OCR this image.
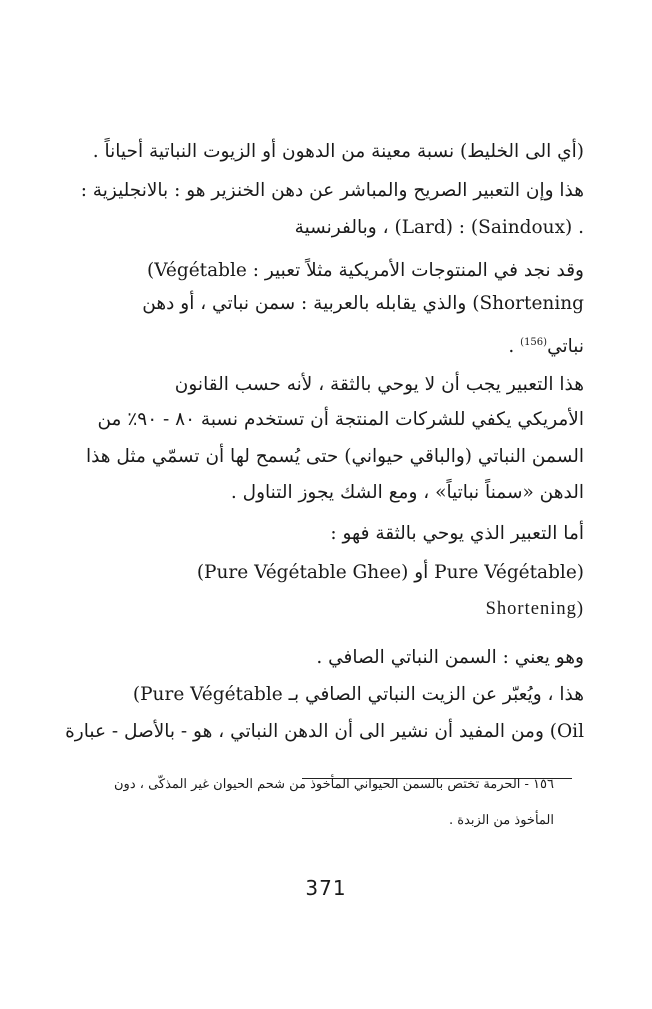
(أي الى الخليط) نسبة معينة من الدهون أو الزيوت النباتية أحياناً .
هذا وإن التعبير الصريح والمباشر عن دهن الخنزير هو : بالانجليزية :
. (Saindoux) : (Lard) ، وبالفرنسية
وقد نجد في المنتوجات الأمريكية مثلاً تعبير : Végétable)
Shortening) والذي يقابله بالعربية : سمن نباتي ، أو دهن
نباتي$^{(156)}$ .
هذا التعبير يجب أن لا يوحي بالثقة ، لأنه حسب القانون
الأمريكي يكفي للشركات المنتجة أن تستخدم نسبة ٨٠ - ٩٠٪ من
السمن النباتي (والباقي حيواني) حتى يُسمح لها أن تسمّي مثل هذا
الدهن «سمناً نباتياً» ، ومع الشك يجوز التناول .
أما التعبير الذي يوحي بالثقة فهو :
(Pure Végétable أو (Pure Végétable Ghee)
Shortening)
وهو يعني : السمن النباتي الصافي .
هذا ، ويُعبّر عن الزيت النباتي الصافي بـ Pure Végétable)
Oil) ومن المفيد أن نشير الى أن الدهن النباتي ، هو - بالأصل - عبارة
١٥٦ - الحرمة تختص بالسمن الحيواني المأخوذ من شحم الحيوان غير المذكّى ، دون
المأخوذ من الزبدة .
371
